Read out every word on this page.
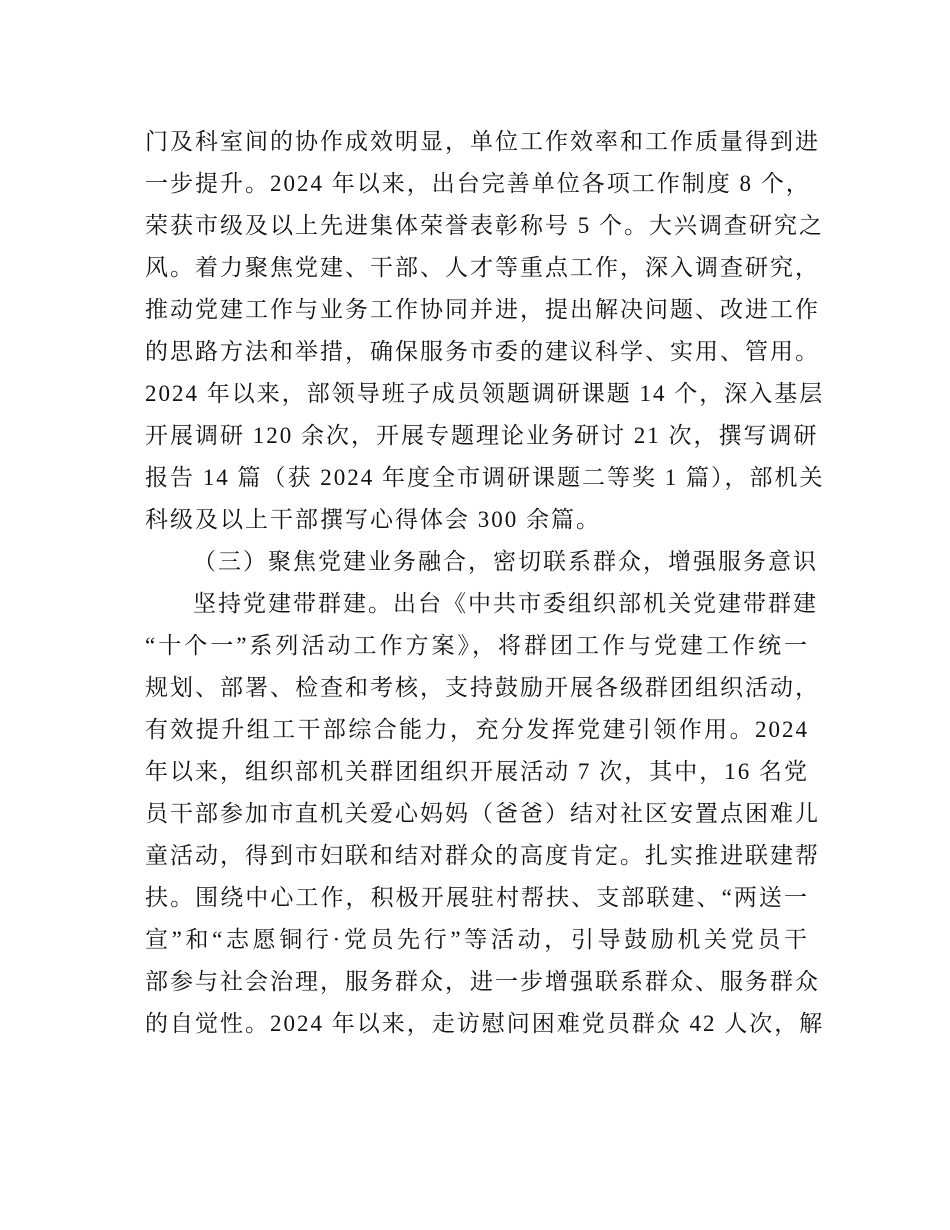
门及科室间的协作成效明显，单位工作效率和工作质量得到进
一步提升。2024 年以来，出台完善单位各项工作制度 8 个，
荣获市级及以上先进集体荣誉表彰称号 5 个。大兴调查研究之
风。着力聚焦党建、干部、人才等重点工作，深入调查研究，
推动党建工作与业务工作协同并进，提出解决问题、改进工作
的思路方法和举措，确保服务市委的建议科学、实用、管用。
2024 年以来，部领导班子成员领题调研课题 14 个，深入基层
开展调研 120 余次，开展专题理论业务研讨 21 次，撰写调研
报告 14 篇（获 2024 年度全市调研课题二等奖 1 篇），部机关
科级及以上干部撰写心得体会 300 余篇。
（三）聚焦党建业务融合，密切联系群众，增强服务意识
坚持党建带群建。出台《中共市委组织部机关党建带群建
“十个一”系列活动工作方案》，将群团工作与党建工作统一
规划、部署、检查和考核，支持鼓励开展各级群团组织活动，
有效提升组工干部综合能力，充分发挥党建引领作用。2024
年以来，组织部机关群团组织开展活动 7 次，其中，16 名党
员干部参加市直机关爱心妈妈（爸爸）结对社区安置点困难儿
童活动，得到市妇联和结对群众的高度肯定。扎实推进联建帮
扶。围绕中心工作，积极开展驻村帮扶、支部联建、“两送一
宣”和“志愿铜行·党员先行”等活动，引导鼓励机关党员干
部参与社会治理，服务群众，进一步增强联系群众、服务群众
的自觉性。2024 年以来，走访慰问困难党员群众 42 人次，解
